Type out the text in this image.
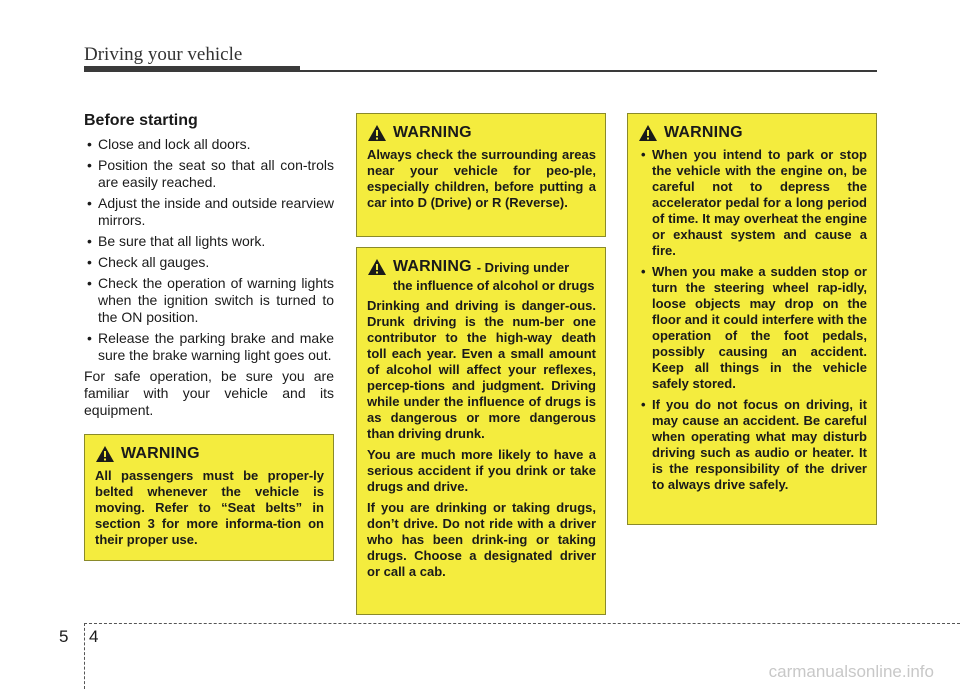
Driving your vehicle
Before starting
• Close and lock all doors.
• Position the seat so that all con-trols are easily reached.
• Adjust the inside and outside rearview mirrors.
• Be sure that all lights work.
• Check all gauges.
• Check the operation of warning lights when the ignition switch is turned to the ON position.
• Release the parking brake and make sure the brake warning light goes out.

For safe operation, be sure you are familiar with your vehicle and its equipment.

WARNING

All passengers must be proper-ly belted whenever the vehicle is moving. Refer to “Seat belts” in section 3 for more informa-tion on their proper use.

WARNING

Always check the surrounding areas near your vehicle for peo-ple, especially children, before putting a car into D (Drive) or R (Reverse).

WARNING - Driving under
the influence of alcohol or drugs

Drinking and driving is danger-ous. Drunk driving is the num-ber one contributor to the high-way death toll each year. Even a small amount of alcohol will affect your reflexes, percep-tions and judgment. Driving while under the influence of drugs is as dangerous or more dangerous than driving drunk.

You are much more likely to have a serious accident if you drink or take drugs and drive.

If you are drinking or taking drugs, don’t drive. Do not ride with a driver who has been drink-ing or taking drugs. Choose a designated driver or call a cab.

WARNING
• When you intend to park or stop the vehicle with the engine on, be careful not to depress the accelerator pedal for a long period of time. It may overheat the engine or exhaust system and cause a fire.
• When you make a sudden stop or turn the steering wheel rap-idly, loose objects may drop on the floor and it could interfere with the operation of the foot pedals, possibly causing an accident. Keep all things in the vehicle safely stored.
• If you do not focus on driving, it may cause an accident. Be careful when operating what may disturb driving such as audio or heater. It is the responsibility of the driver to always drive safely.
5 4
carmanualsonline.info
